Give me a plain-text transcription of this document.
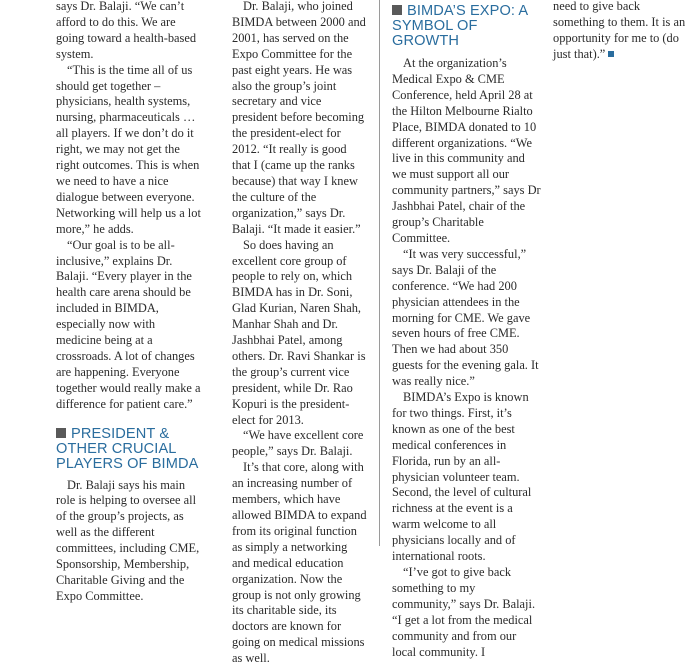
says Dr. Balaji. “We can’t afford to do this. We are going toward a health-based system.

“This is the time all of us should get together – physicians, health systems, nursing, pharmaceuticals … all players. If we don’t do it right, we may not get the right outcomes. This is when we need to have a nice dialogue between everyone. Networking will help us a lot more,” he adds.

“Our goal is to be all-inclusive,” explains Dr. Balaji. “Every player in the health care arena should be included in BIMDA, especially now with medicine being at a crossroads. A lot of changes are happening. Everyone together would really make a difference for patient care.”

PRESIDENT & OTHER CRUCIAL PLAYERS OF BIMDA

Dr. Balaji says his main role is helping to oversee all of the group’s projects, as well as the different committees, including CME, Sponsorship, Membership, Charitable Giving and the Expo Committee.

Dr. Balaji, who joined BIMDA between 2000 and 2001, has served on the Expo Committee for the past eight years. He was also the group’s joint secretary and vice president before becoming the president-elect for 2012. “It really is good that I (came up the ranks because) that way I knew the culture of the organization,” says Dr. Balaji. “It made it easier.”

So does having an excellent core group of people to rely on, which BIMDA has in Dr. Soni, Glad Kurian, Naren Shah, Manhar Shah and Dr. Jashbhai Patel, among others. Dr. Ravi Shankar is the group’s current vice president, while Dr. Rao Kopuri is the president-elect for 2013.

“We have excellent core people,” says Dr. Balaji.

It’s that core, along with an increasing number of members, which have allowed BIMDA to expand from its original function as simply a networking and medical education organization. Now the group is not only growing its charitable side, its doctors are known for going on medical missions as well.

BIMDA’S EXPO: A SYMBOL OF GROWTH

At the organization’s Medical Expo & CME Conference, held April 28 at the Hilton Melbourne Rialto Place, BIMDA donated to 10 different organizations. “We live in this community and we must support all our community partners,” says Dr Jashbhai Patel, chair of the group’s Charitable Committee.

“It was very successful,” says Dr. Balaji of the conference. “We had 200 physician attendees in the morning for CME. We gave seven hours of free CME. Then we had about 350 guests for the evening gala. It was really nice.”

BIMDA’s Expo is known for two things. First, it’s known as one of the best medical conferences in Florida, run by an all-physician volunteer team. Second, the level of cultural richness at the event is a warm welcome to all physicians locally and of international roots.

“I’ve got to give back something to my community,” says Dr. Balaji. “I get a lot from the medical community and from our local community. I

need to give back something to them. It is an opportunity for me to (do just that).”
